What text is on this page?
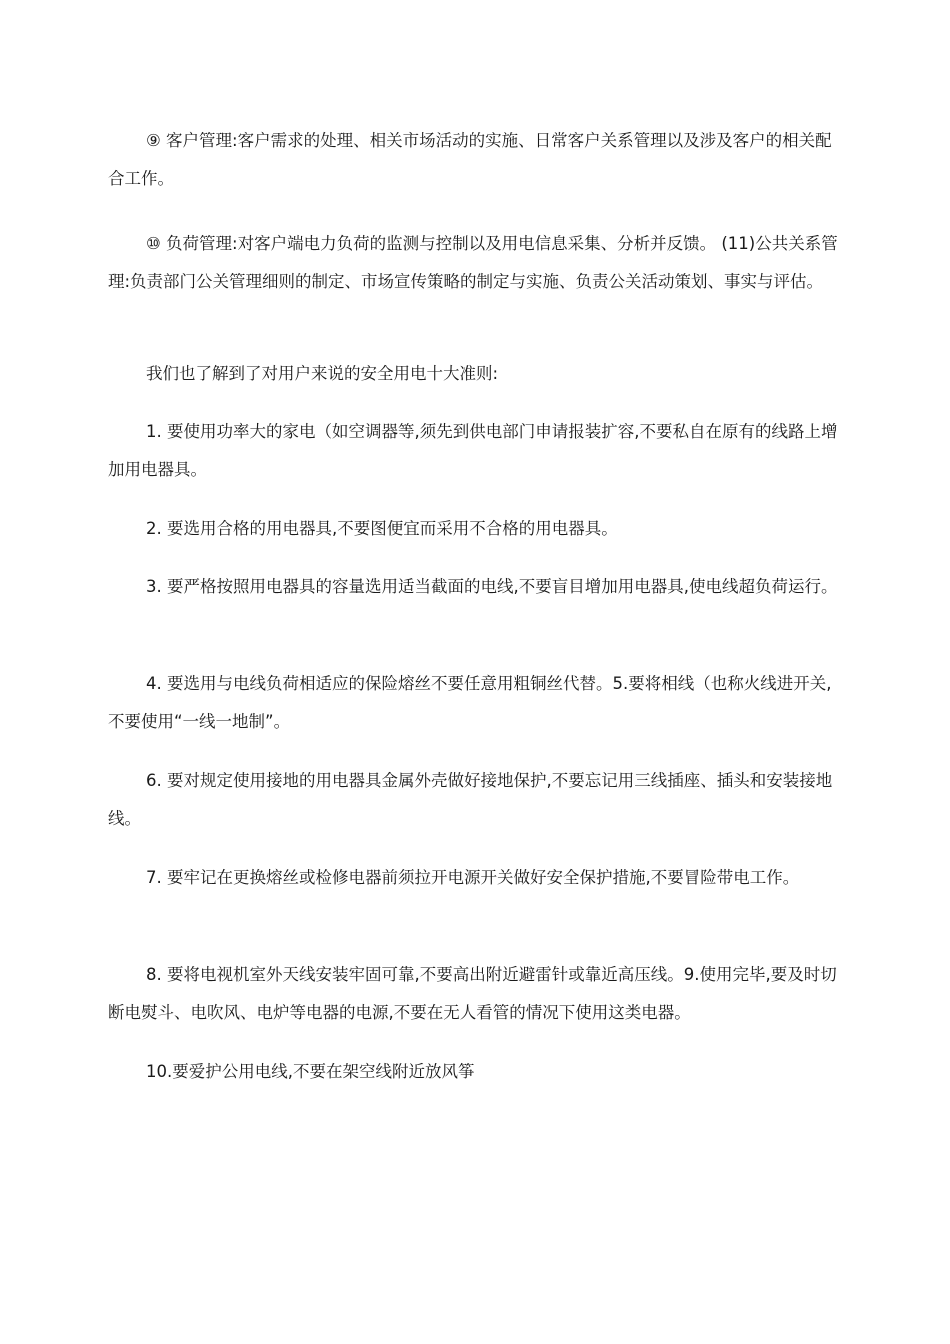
⑨ 客户管理:客户需求的处理、相关市场活动的实施、日常客户关系管理以及涉及客户的相关配合工作。

⑩ 负荷管理:对客户端电力负荷的监测与控制以及用电信息采集、分析并反馈。 (11)公共关系管理:负责部门公关管理细则的制定、市场宣传策略的制定与实施、负责公关活动策划、事实与评估。

我们也了解到了对用户来说的安全用电十大准则:

1. 要使用功率大的家电（如空调器等,须先到供电部门申请报装扩容,不要私自在原有的线路上增加用电器具。

2. 要选用合格的用电器具,不要图便宜而采用不合格的用电器具。

3. 要严格按照用电器具的容量选用适当截面的电线,不要盲目增加用电器具,使电线超负荷运行。

4. 要选用与电线负荷相适应的保险熔丝不要任意用粗铜丝代替。5.要将相线（也称火线进开关,不要使用“一线一地制”。

6. 要对规定使用接地的用电器具金属外壳做好接地保护,不要忘记用三线插座、插头和安装接地线。

7. 要牢记在更换熔丝或检修电器前须拉开电源开关做好安全保护措施,不要冒险带电工作。

8. 要将电视机室外天线安装牢固可靠,不要高出附近避雷针或靠近高压线。9.使用完毕,要及时切断电熨斗、电吹风、电炉等电器的电源,不要在无人看管的情况下使用这类电器。

10.要爱护公用电线,不要在架空线附近放风筝
